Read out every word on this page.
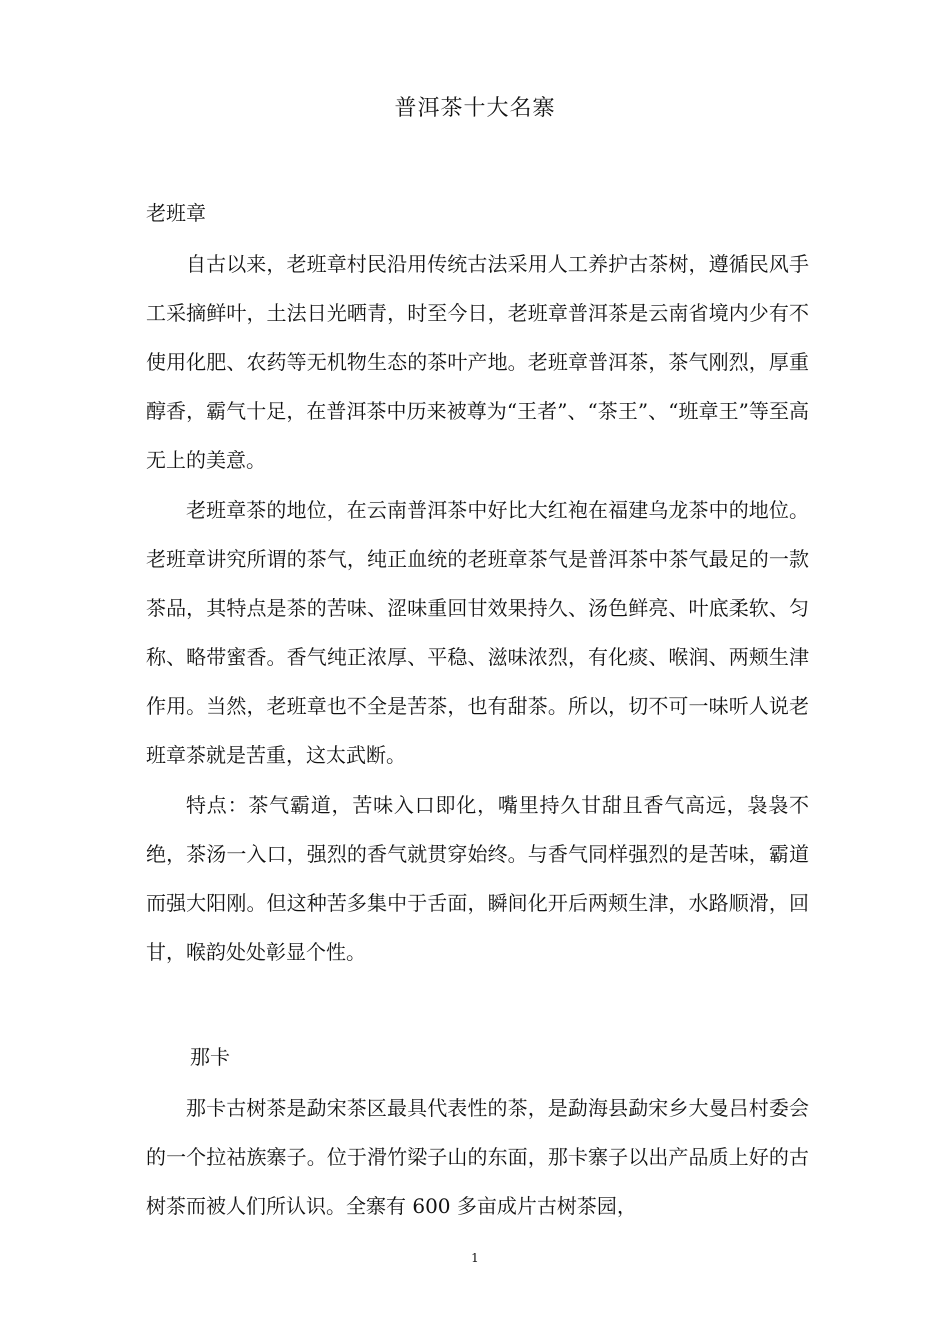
普洱茶十大名寨
老班章

自古以来，老班章村民沿用传统古法采用人工养护古茶树，遵循民风手工采摘鲜叶，土法日光晒青，时至今日，老班章普洱茶是云南省境内少有不使用化肥、农药等无机物生态的茶叶产地。老班章普洱茶，茶气刚烈，厚重醇香，霸气十足，在普洱茶中历来被尊为“王者”、“茶王”、“班章王”等至高无上的美意。

老班章茶的地位，在云南普洱茶中好比大红袍在福建乌龙茶中的地位。老班章讲究所谓的茶气，纯正血统的老班章茶气是普洱茶中茶气最足的一款茶品，其特点是茶的苦味、涩味重回甘效果持久、汤色鲜亮、叶底柔软、匀称、略带蜜香。香气纯正浓厚、平稳、滋味浓烈，有化痰、喉润、两颊生津作用。当然，老班章也不全是苦茶，也有甜茶。所以，切不可一味听人说老班章茶就是苦重，这太武断。

特点：茶气霸道，苦味入口即化，嘴里持久甘甜且香气高远，袅袅不绝，茶汤一入口，强烈的香气就贯穿始终。与香气同样强烈的是苦味，霸道而强大阳刚。但这种苦多集中于舌面，瞬间化开后两颊生津，水路顺滑，回甘，喉韵处处彰显个性。

那卡

那卡古树茶是勐宋茶区最具代表性的茶，是勐海县勐宋乡大曼吕村委会的一个拉祜族寨子。位于滑竹梁子山的东面，那卡寨子以出产品质上好的古树茶而被人们所认识。全寨有 600 多亩成片古树茶园，

1
